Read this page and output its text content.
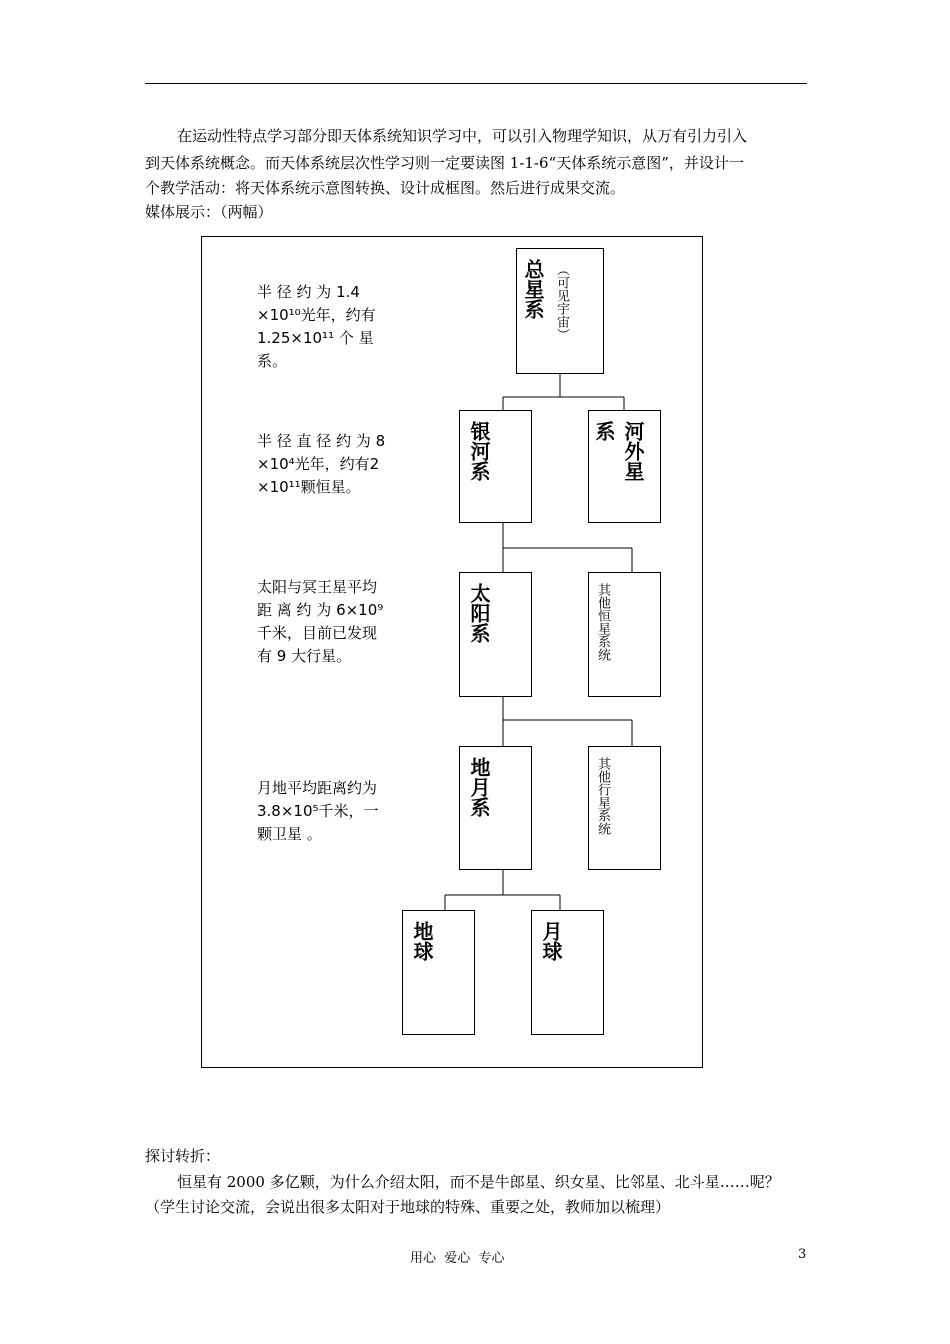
在运动性特点学习部分即天体系统知识学习中，可以引入物理学知识，从万有引力引入
到天体系统概念。而天体系统层次性学习则一定要读图 1-1-6“天体系统示意图”，并设计一
个教学活动：将天体系统示意图转换、设计成框图。然后进行成果交流。
媒体展示：（两幅）
半 径 约 为 1.4
×10¹⁰光年，约有
1.25×10¹¹ 个 星
系。
半 径 直 径 约 为 8
×10⁴光年，约有2
×10¹¹颗恒星。
太阳与冥王星平均
距 离 约 为 6×10⁹
千米，目前已发现
有 9 大行星。
月地平均距离约为
3.8×10⁵千米，一
颗卫星 。
总星系 （可见宇宙）
银河系	河外星
系
太阳系	其他恒星系统
地月系	其他行星系统
地球	月球
探讨转折：
恒星有 2000 多亿颗，为什么介绍太阳，而不是牛郎星、织女星、比邻星、北斗星……呢？
（学生讨论交流，会说出很多太阳对于地球的特殊、重要之处，教师加以梳理）
用心  爱心  专心	3
